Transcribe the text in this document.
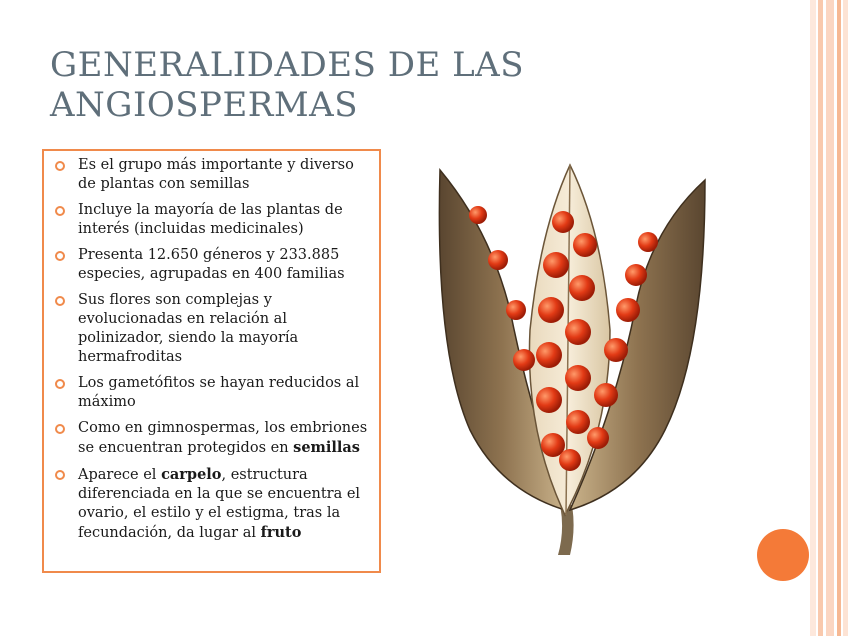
GENERALIDADES DE LAS ANGIOSPERMAS
Es el grupo más importante y diverso de plantas con semillas
Incluye la mayoría de las plantas de interés (incluidas medicinales)
Presenta 12.650 géneros y 233.885 especies, agrupadas en 400 familias
Sus flores son complejas y evolucionadas en relación al polinizador, siendo la mayoría hermafroditas
Los gametófitos se hayan reducidos al máximo
Como en gimnospermas, los embriones se encuentran protegidos en semillas
Aparece el carpelo, estructura diferenciada en la que se encuentra el ovario, el estilo y el estigma, tras la fecundación, da lugar al fruto
